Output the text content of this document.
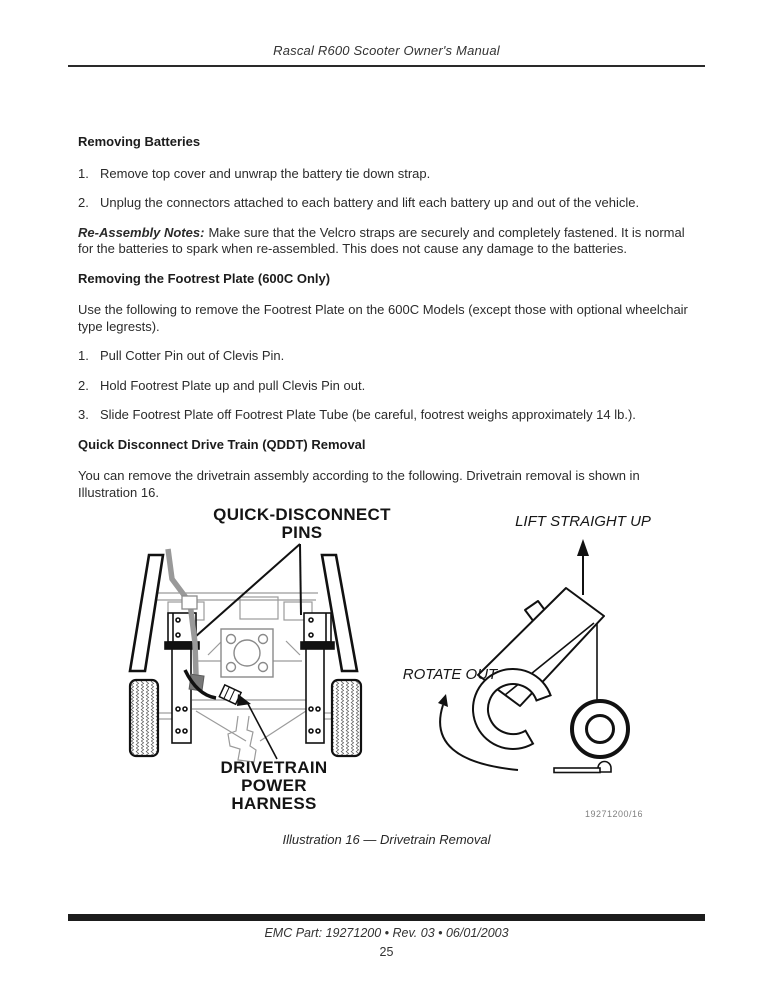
Rascal R600 Scooter Owner's Manual
Removing Batteries
1. Remove top cover and unwrap the battery tie down strap.
2. Unplug the connectors attached to each battery and lift each battery up and out of the vehicle.

Re-Assembly Notes: Make sure that the Velcro straps are securely and completely fastened. It is normal for the batteries to spark when re-assembled. This does not cause any damage to the batteries.

Removing the Footrest Plate (600C Only)

Use the following to remove the Footrest Plate on the 600C Models (except those with optional wheelchair type legrests).

1. Pull Cotter Pin out of Clevis Pin.
2. Hold Footrest Plate up and pull Clevis Pin out.
3. Slide Footrest Plate off Footrest Plate Tube (be careful, footrest weighs approximately 14 lb.).
Quick Disconnect Drive Train (QDDT) Removal

You can remove the drivetrain assembly according to the following. Drivetrain removal is shown in Illustration 16.

QUICK-DISCONNECT
PINS
DRIVETRAIN
POWER
HARNESS
LIFT STRAIGHT UP
ROTATE OUT
19271200/16
Illustration 16 — Drivetrain Removal
EMC Part: 19271200 • Rev. 03 • 06/01/2003
25
